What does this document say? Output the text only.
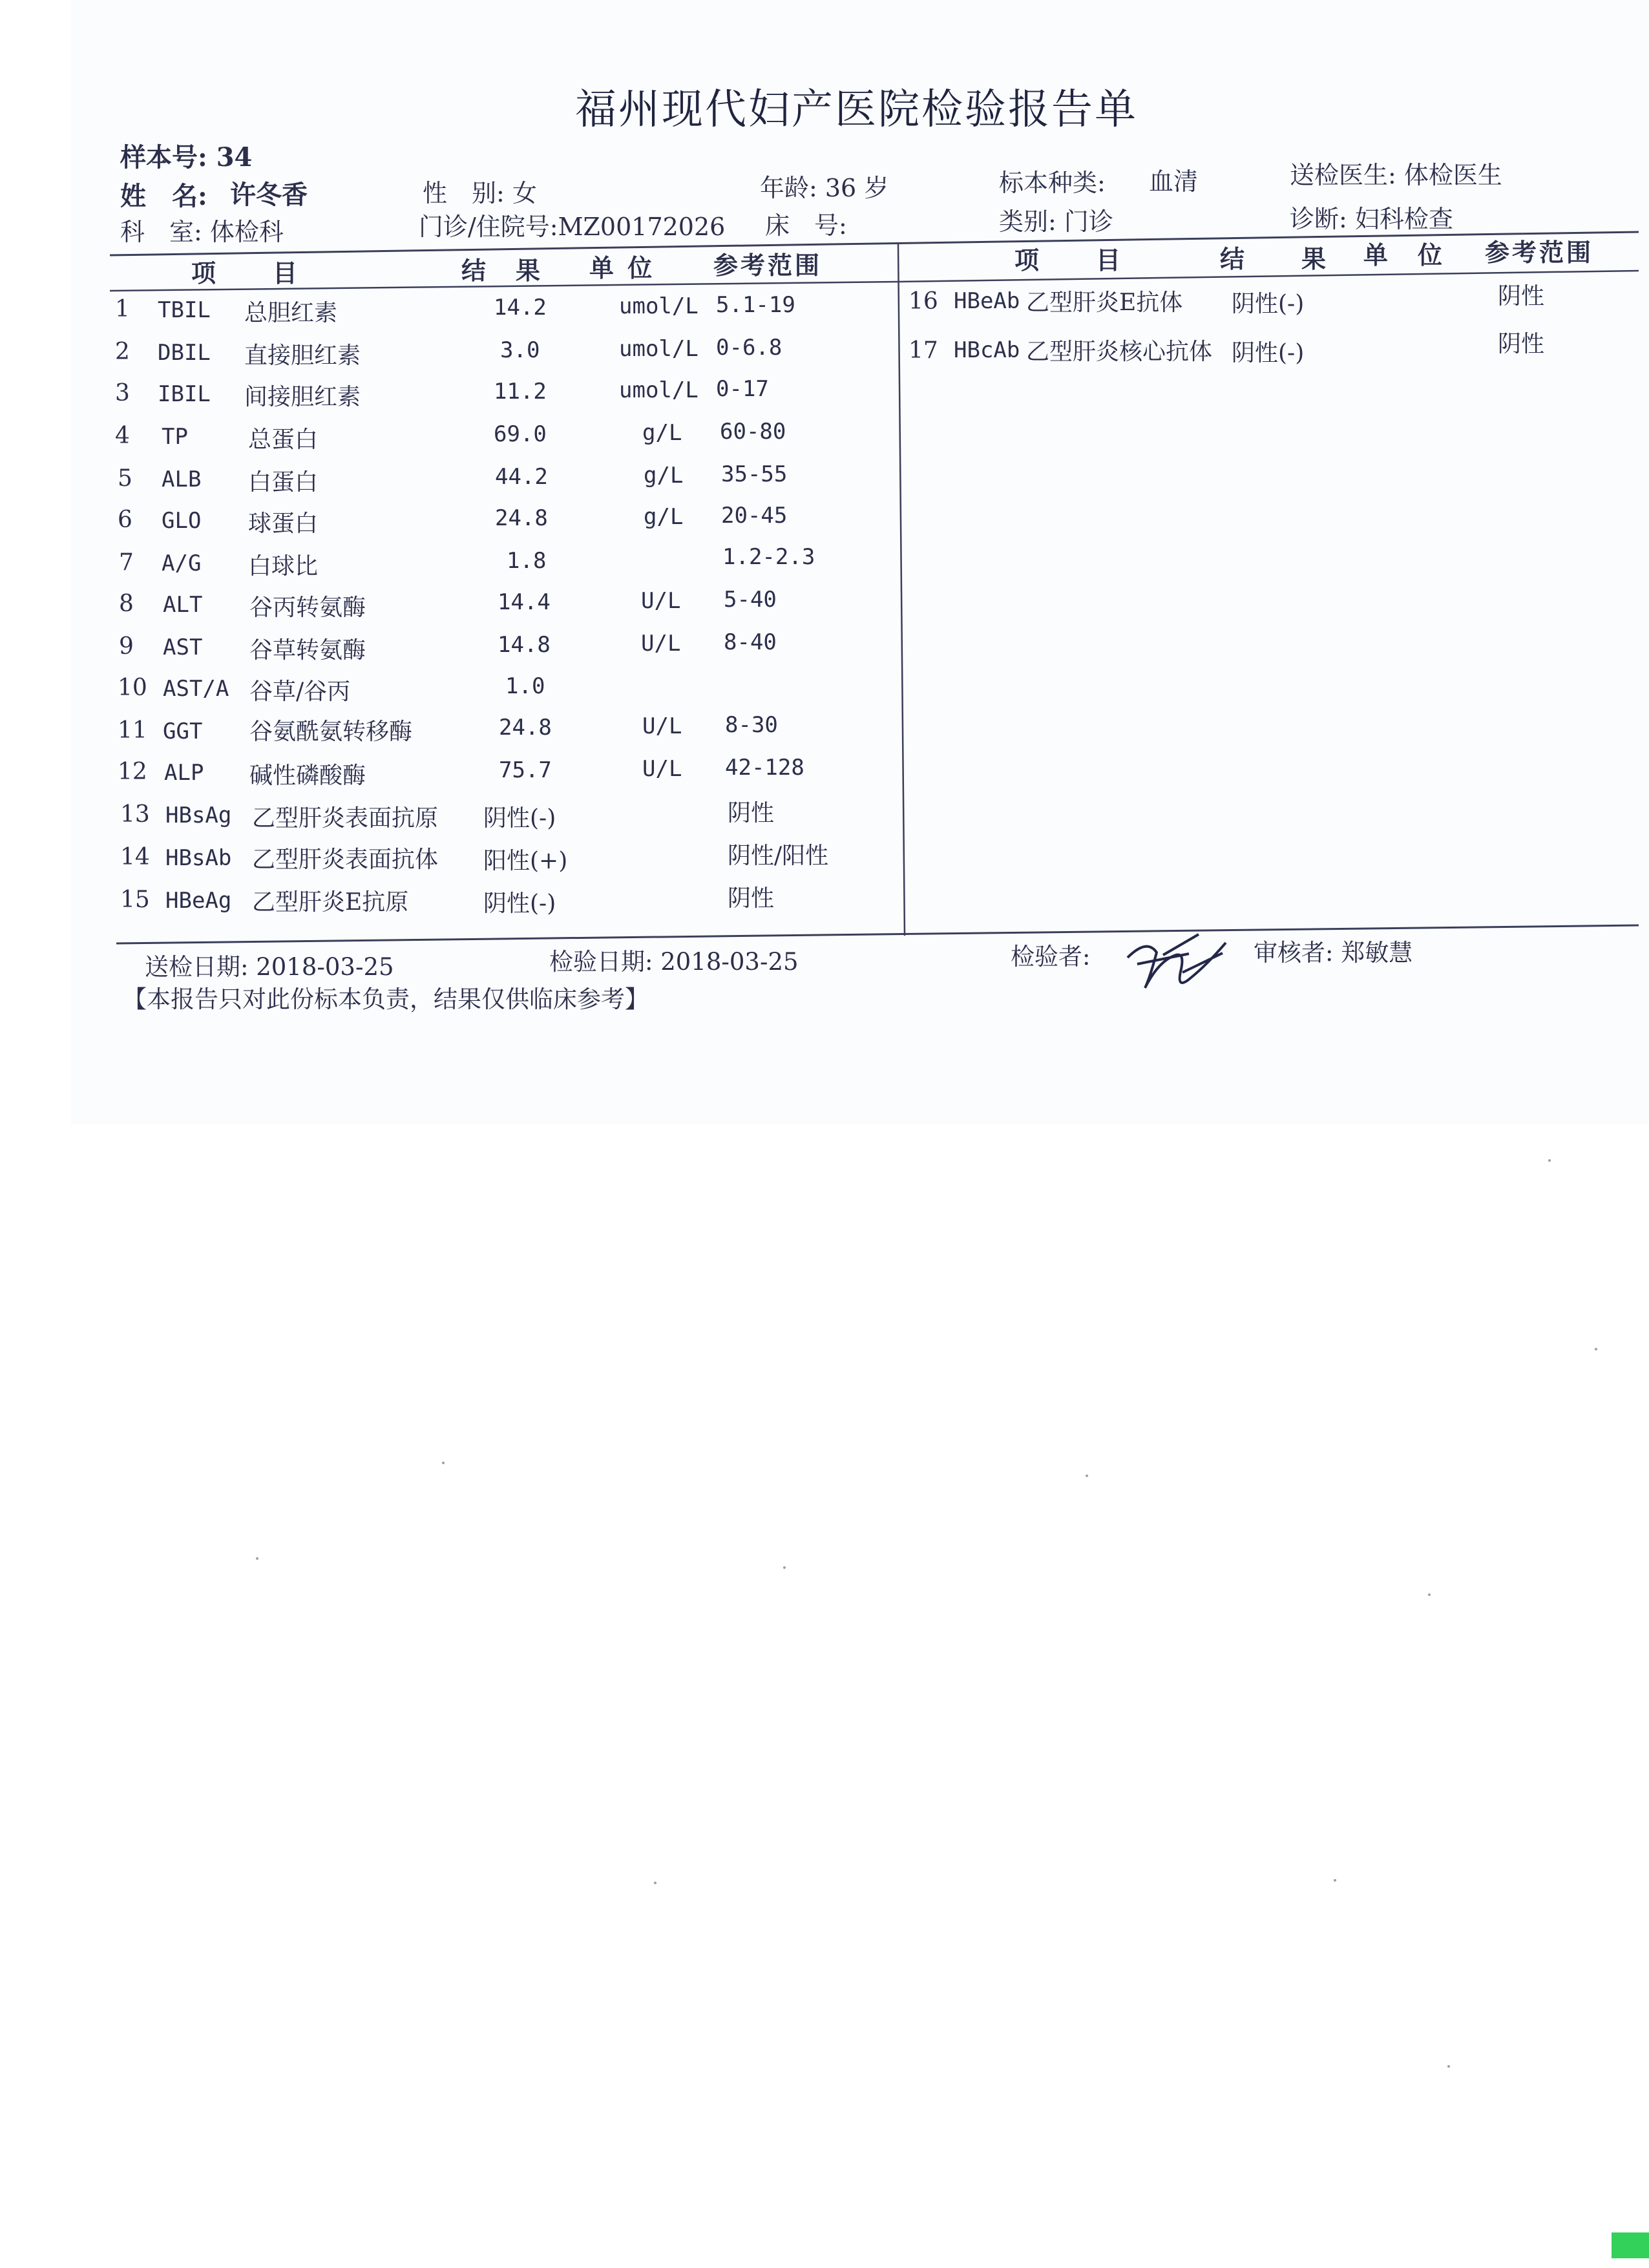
福州现代妇产医院检验报告单
样本号: 34
姓　名: 许冬香
科　室: 体检科
性　别: 女
门诊/住院号:MZ00172026
年龄: 36 岁
床　号:
标本种类: 血清
类别: 门诊
送检医生: 体检医生
诊断: 妇科检查
项　　目	结　果 单 位 参考范围	项　　目	结　　果 单　位 参考范围
1 TBIL 总胆红素	14.2	umol/L 5.1-19
2 DBIL 直接胆红素	3.0	umol/L 0-6.8
3 IBIL 间接胆红素	11.2	umol/L 0-17
4 TP	总蛋白	69.0	g/L 60-80
5 ALB 白蛋白	44.2	g/L 35-55
6 GLO 球蛋白	24.8	g/L 20-45
7 A/G 白球比	1.8	1.2-2.3
8 ALT 谷丙转氨酶	14.4	U/L 5-40
9 AST 谷草转氨酶	14.8	U/L 8-40
10 AST/A 谷草/谷丙	1.0
11 GGT 谷氨酰氨转移酶	24.8	U/L 8-30
12 ALP 碱性磷酸酶	75.7	U/L 42-128
13 HBsAg 乙型肝炎表面抗原 阴性(-)	阴性
14 HBsAb 乙型肝炎表面抗体 阳性(+)	阴性/阳性
15 HBeAg 乙型肝炎E抗原	阴性(-)	阴性
16 HBeAb 乙型肝炎E抗体 阴性(-)	阴性
17 HBcAb 乙型肝炎核心抗体 阴性(-)	阴性
送检日期: 2018-03-25	检验日期: 2018-03-25	检验者:	审核者: 郑敏慧
【本报告只对此份标本负责，结果仅供临床参考】
